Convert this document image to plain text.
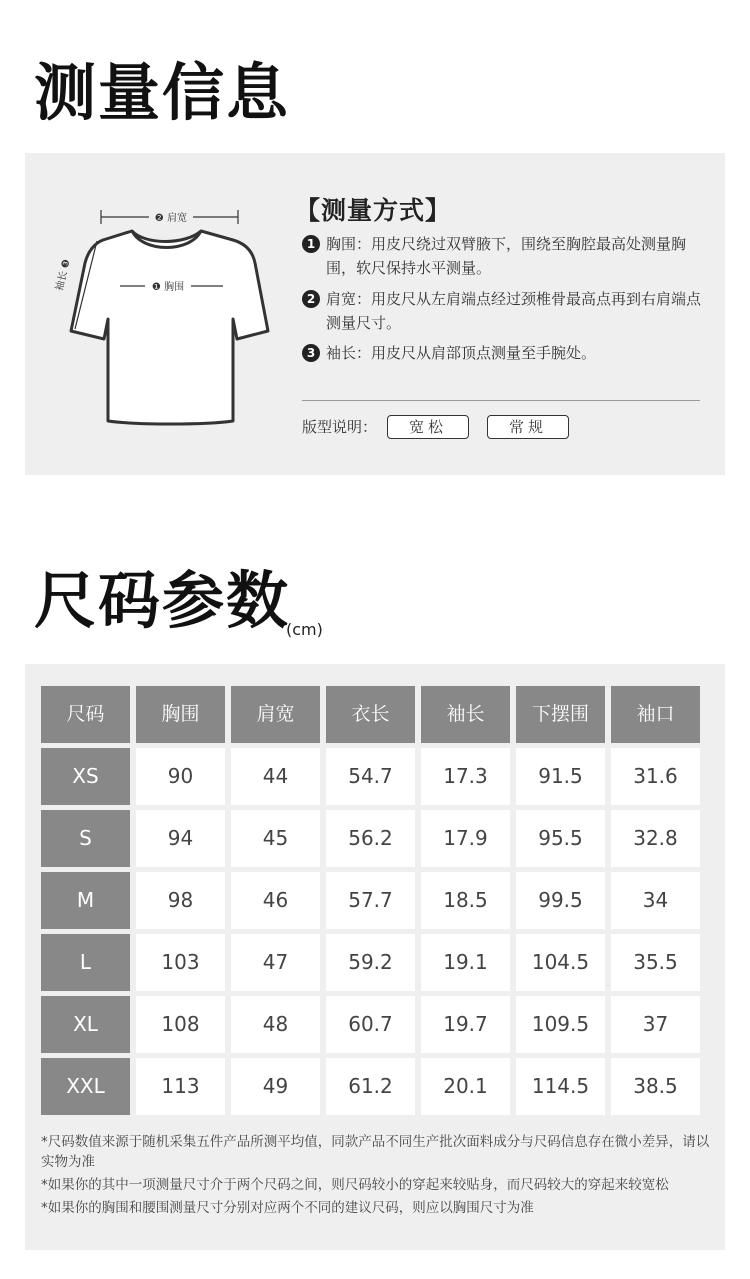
测量信息
❷ 肩宽
❶ 胸围
袖长 ❸
【测量方式】
1 胸围：用皮尺绕过双臂腋下，围绕至胸腔最高处测量胸围，软尺保持水平测量。
2 肩宽：用皮尺从左肩端点经过颈椎骨最高点再到右肩端点测量尺寸。
3 袖长：用皮尺从肩部顶点测量至手腕处。
版型说明：	宽松	常规
尺码参数
(cm)
尺码	胸围	肩宽	衣长	袖长	下摆围	袖口
XS	90	44	54.7	17.3	91.5	31.6
S	94	45	56.2	17.9	95.5	32.8
M	98	46	57.7	18.5	99.5	34
L	103	47	59.2	19.1	104.5	35.5
XL	108	48	60.7	19.7	109.5	37
XXL	113	49	61.2	20.1	114.5	38.5

*尺码数值来源于随机采集五件产品所测平均值，同款产品不同生产批次面料成分与尺码信息存在微小差异，请以实物为准

*如果你的其中一项测量尺寸介于两个尺码之间，则尺码较小的穿起来较贴身，而尺码较大的穿起来较宽松

*如果你的胸围和腰围测量尺寸分别对应两个不同的建议尺码，则应以胸围尺寸为准
